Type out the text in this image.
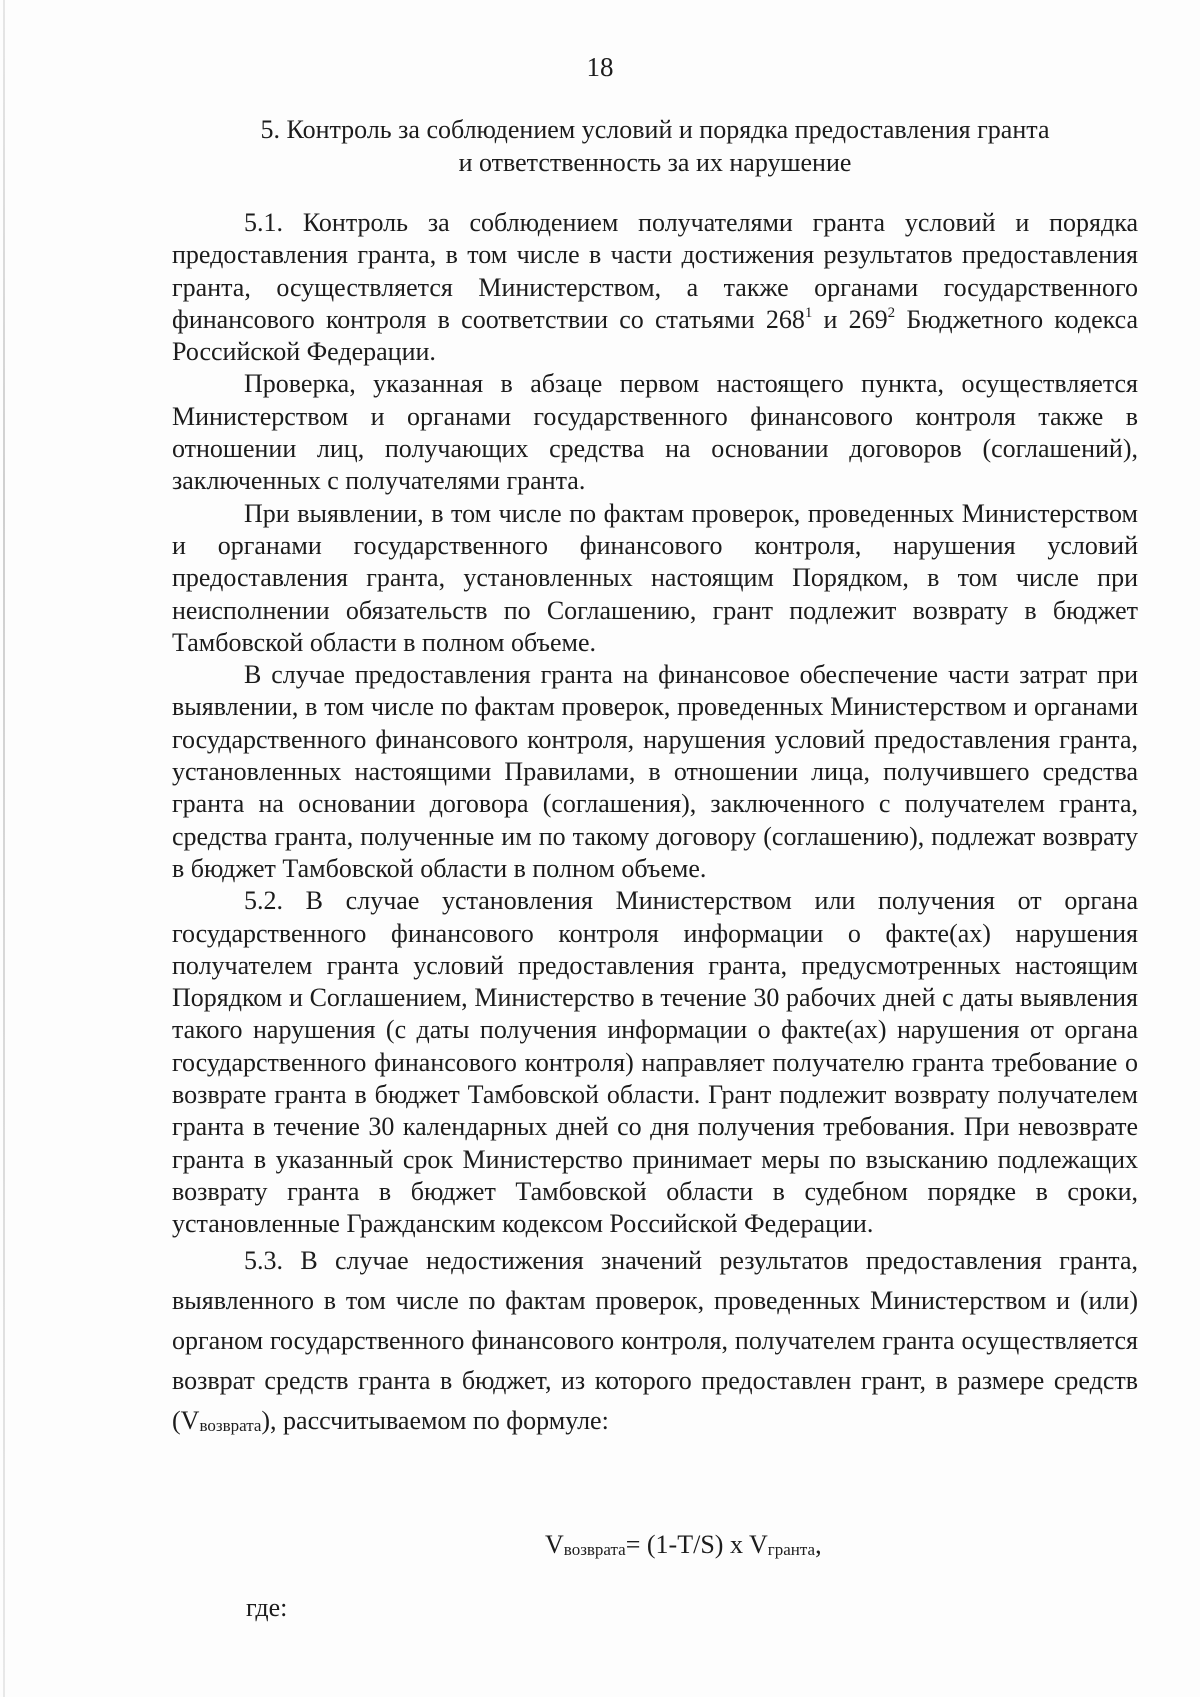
18
5. Контроль за соблюдением условий и порядка предоставления гранта
и ответственность за их нарушение

5.1. Контроль за соблюдением получателями гранта условий и порядка предоставления гранта, в том числе в части достижения результатов предоставления гранта, осуществляется Министерством, а также органами государственного финансового контроля в соответствии со статьями $268^1$ и $269^2$ Бюджетного кодекса Российской Федерации.

Проверка, указанная в абзаце первом настоящего пункта, осуществляется Министерством и органами государственного финансового контроля также в отношении лиц, получающих средства на основании договоров (соглашений), заключенных с получателями гранта.

При выявлении, в том числе по фактам проверок, проведенных Министерством и органами государственного финансового контроля, нарушения условий предоставления гранта, установленных настоящим Порядком, в том числе при неисполнении обязательств по Соглашению, грант подлежит возврату в бюджет Тамбовской области в полном объеме.

В случае предоставления гранта на финансовое обеспечение части затрат при выявлении, в том числе по фактам проверок, проведенных Министерством и органами государственного финансового контроля, нарушения условий предоставления гранта, установленных настоящими Правилами, в отношении лица, получившего средства гранта на основании договора (соглашения), заключенного с получателем гранта, средства гранта, полученные им по такому договору (соглашению), подлежат возврату в бюджет Тамбовской области в полном объеме.

5.2. В случае установления Министерством или получения от органа государственного финансового контроля информации о факте(ах) нарушения получателем гранта условий предоставления гранта, предусмотренных настоящим Порядком и Соглашением, Министерство в течение 30 рабочих дней с даты выявления такого нарушения (с даты получения информации о факте(ах) нарушения от органа государственного финансового контроля) направляет получателю гранта требование о возврате гранта в бюджет Тамбовской области. Грант подлежит возврату получателем гранта в течение 30 календарных дней со дня получения требования. При невозврате гранта в указанный срок Министерство принимает меры по взысканию подлежащих возврату гранта в бюджет Тамбовской области в судебном порядке в сроки, установленные Гражданским кодексом Российской Федерации.

5.3. В случае недостижения значений результатов предоставления гранта, выявленного в том числе по фактам проверок, проведенных Министерством и (или) органом государственного финансового контроля, получателем гранта осуществляется возврат средств гранта в бюджет, из которого предоставлен грант, в размере средств $(V_{возврата})$, рассчитываемом по формуле:

$V_{возврата}= (1-T/S)$ x $V_{гранта}$,
где:
